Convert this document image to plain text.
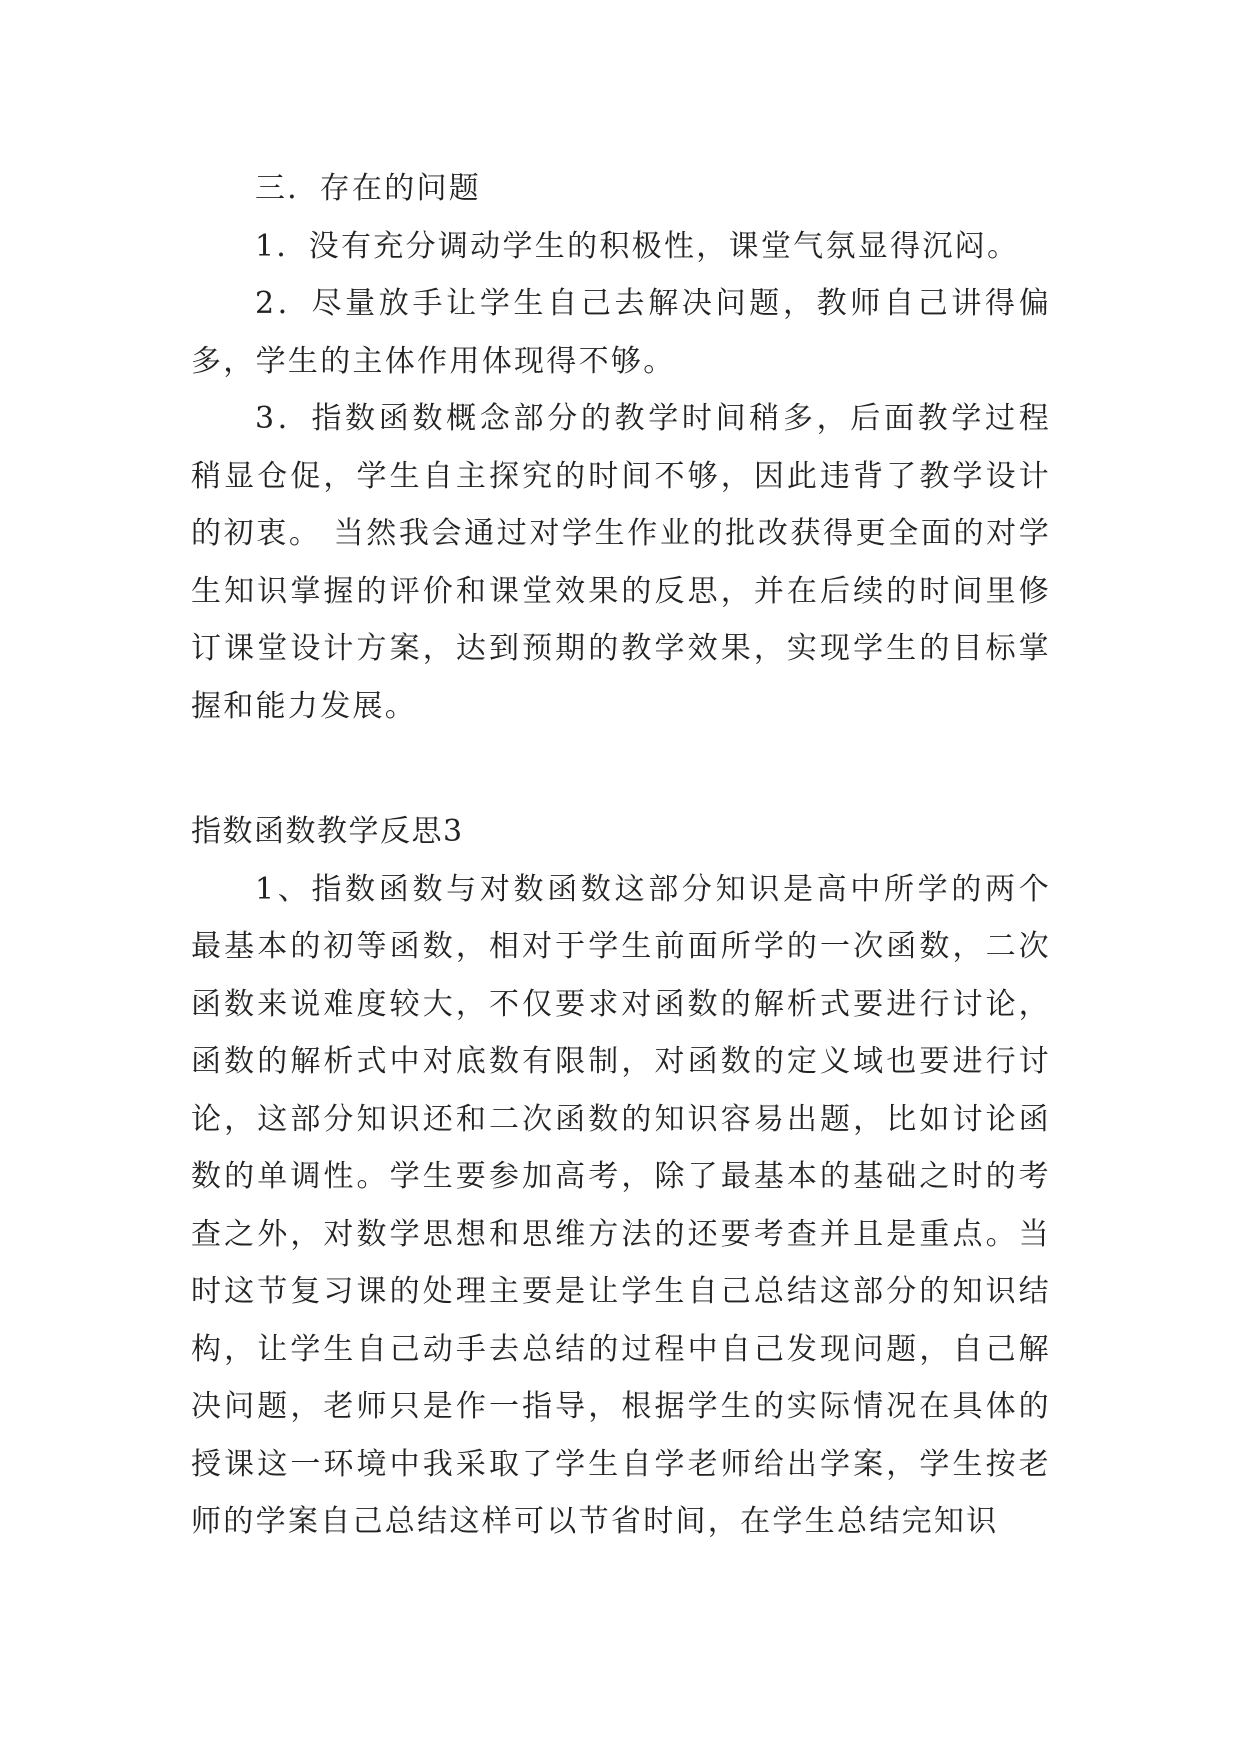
三．存在的问题

1．没有充分调动学生的积极性，课堂气氛显得沉闷。

2．尽量放手让学生自己去解决问题，教师自己讲得偏多，学生的主体作用体现得不够。

3．指数函数概念部分的教学时间稍多，后面教学过程稍显仓促，学生自主探究的时间不够，因此违背了教学设计的初衷。 当然我会通过对学生作业的批改获得更全面的对学生知识掌握的评价和课堂效果的反思，并在后续的时间里修订课堂设计方案，达到预期的教学效果，实现学生的目标掌握和能力发展。

指数函数教学反思3

1、指数函数与对数函数这部分知识是高中所学的两个最基本的初等函数，相对于学生前面所学的一次函数，二次函数来说难度较大，不仅要求对函数的解析式要进行讨论，函数的解析式中对底数有限制，对函数的定义域也要进行讨论，这部分知识还和二次函数的知识容易出题，比如讨论函数的单调性。学生要参加高考，除了最基本的基础之时的考查之外，对数学思想和思维方法的还要考查并且是重点。当时这节复习课的处理主要是让学生自己总结这部分的知识结构，让学生自己动手去总结的过程中自己发现问题，自己解决问题，老师只是作一指导，根据学生的实际情况在具体的授课这一环境中我采取了学生自学老师给出学案，学生按老师的学案自己总结这样可以节省时间，在学生总结完知识
